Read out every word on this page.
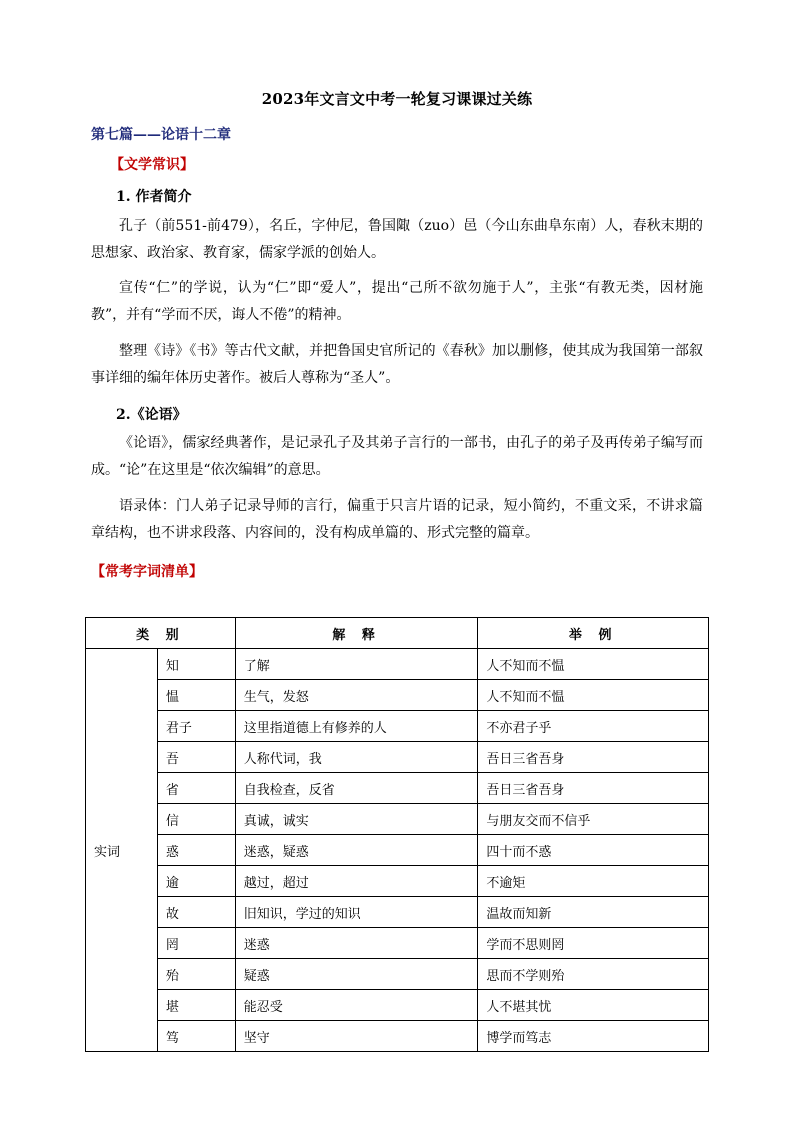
2023年文言文中考一轮复习课课过关练
第七篇——论语十二章
【文学常识】
1. 作者简介
孔子（前551-前479），名丘，字仲尼，鲁国陬（zuo）邑（今山东曲阜东南）人，春秋末期的思想家、政治家、教育家，儒家学派的创始人。
宣传“仁”的学说，认为“仁”即“爱人”，提出“己所不欲勿施于人”，主张“有教无类，因材施教”，并有“学而不厌，诲人不倦”的精神。
整理《诗》《书》等古代文献，并把鲁国史官所记的《春秋》加以删修，使其成为我国第一部叙事详细的编年体历史著作。被后人尊称为“圣人”。
2.《论语》
《论语》，儒家经典著作，是记录孔子及其弟子言行的一部书，由孔子的弟子及再传弟子编写而成。“论”在这里是“依次编辑”的意思。
语录体：门人弟子记录导师的言行，偏重于只言片语的记录，短小简约，不重文采，不讲求篇章结构，也不讲求段落、内容间的，没有构成单篇的、形式完整的篇章。
【常考字词清单】
类 别		解 释	举 例
实词	知	了解	人不知而不愠
	愠	生气，发怒	人不知而不愠
	君子	这里指道德上有修养的人	不亦君子乎
	吾	人称代词，我	吾日三省吾身
	省	自我检查，反省	吾日三省吾身
	信	真诚，诚实	与朋友交而不信乎
	惑	迷惑，疑惑	四十而不惑
	逾	越过，超过	不逾矩
	故	旧知识，学过的知识	温故而知新
	罔	迷惑	学而不思则罔
	殆	疑惑	思而不学则殆
	堪	能忍受	人不堪其忧
	笃	坚守	博学而笃志
